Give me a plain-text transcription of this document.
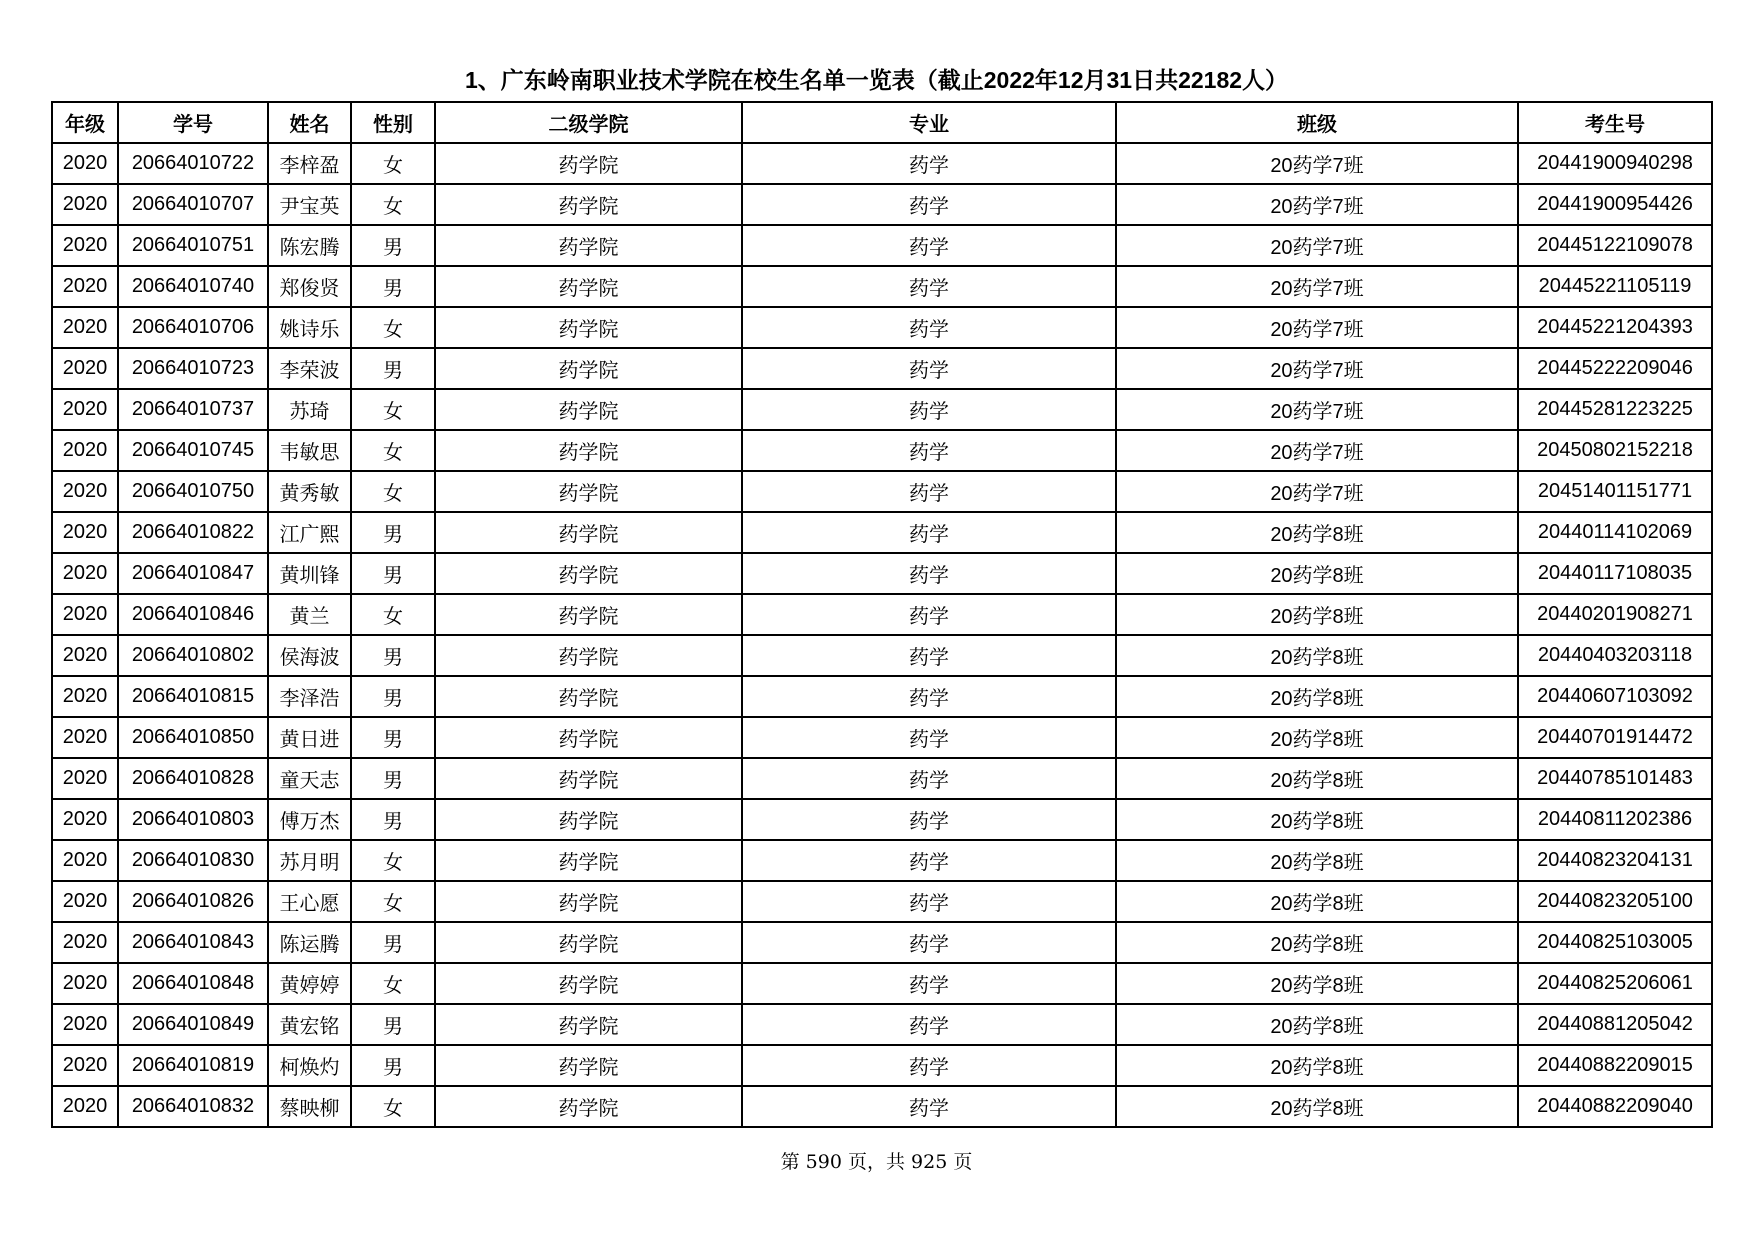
1、广东岭南职业技术学院在校生名单一览表（截止2022年12月31日共22182人）
年级	学号	姓名	性别	二级学院	专业	班级	考生号
2020	20664010722	李梓盈	女	药学院	药学	20药学7班	20441900940298
2020	20664010707	尹宝英	女	药学院	药学	20药学7班	20441900954426
2020	20664010751	陈宏腾	男	药学院	药学	20药学7班	20445122109078
2020	20664010740	郑俊贤	男	药学院	药学	20药学7班	20445221105119
2020	20664010706	姚诗乐	女	药学院	药学	20药学7班	20445221204393
2020	20664010723	李荣波	男	药学院	药学	20药学7班	20445222209046
2020	20664010737	苏琦	女	药学院	药学	20药学7班	20445281223225
2020	20664010745	韦敏思	女	药学院	药学	20药学7班	20450802152218
2020	20664010750	黄秀敏	女	药学院	药学	20药学7班	20451401151771
2020	20664010822	江广熙	男	药学院	药学	20药学8班	20440114102069
2020	20664010847	黄圳锋	男	药学院	药学	20药学8班	20440117108035
2020	20664010846	黄兰	女	药学院	药学	20药学8班	20440201908271
2020	20664010802	侯海波	男	药学院	药学	20药学8班	20440403203118
2020	20664010815	李泽浩	男	药学院	药学	20药学8班	20440607103092
2020	20664010850	黄日进	男	药学院	药学	20药学8班	20440701914472
2020	20664010828	童天志	男	药学院	药学	20药学8班	20440785101483
2020	20664010803	傅万杰	男	药学院	药学	20药学8班	20440811202386
2020	20664010830	苏月明	女	药学院	药学	20药学8班	20440823204131
2020	20664010826	王心愿	女	药学院	药学	20药学8班	20440823205100
2020	20664010843	陈运腾	男	药学院	药学	20药学8班	20440825103005
2020	20664010848	黄婷婷	女	药学院	药学	20药学8班	20440825206061
2020	20664010849	黄宏铭	男	药学院	药学	20药学8班	20440881205042
2020	20664010819	柯焕灼	男	药学院	药学	20药学8班	20440882209015
2020	20664010832	蔡映柳	女	药学院	药学	20药学8班	20440882209040
第 590 页，共 925 页
